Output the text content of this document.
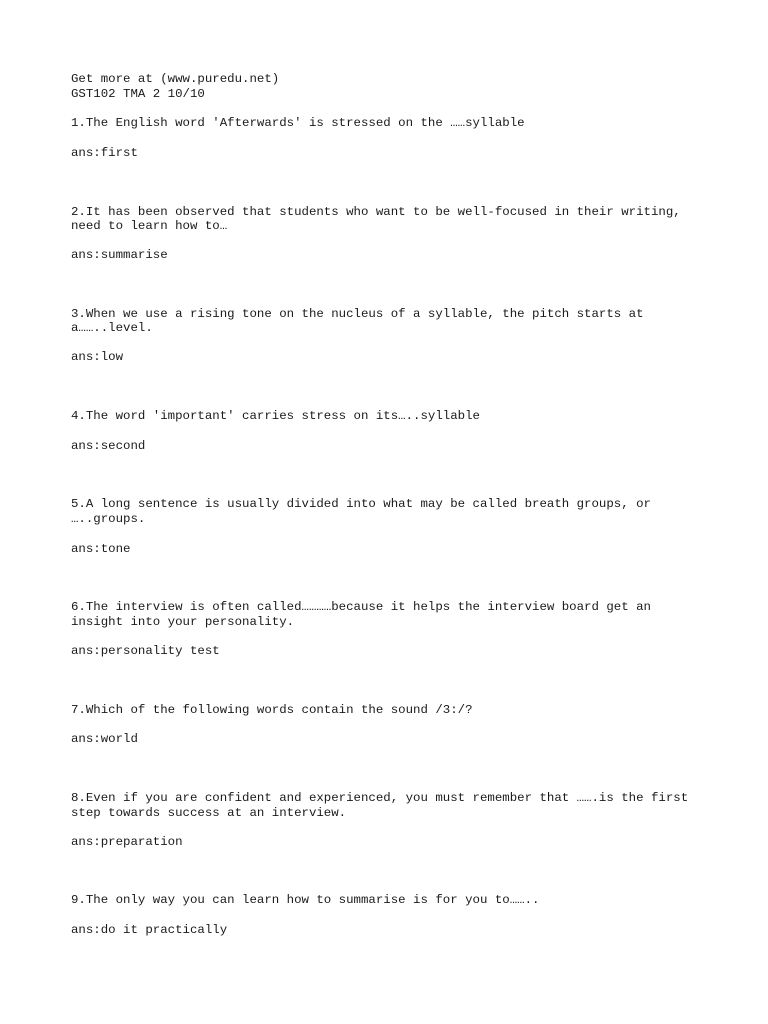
Get more at (www.puredu.net)

GST102 TMA 2 10/10

1.The English word 'Afterwards' is stressed on the ……syllable

ans:first

2.It has been observed that students who want to be well-focused in their writing,

need to learn how to…

ans:summarise

3.When we use a rising tone on the nucleus of a syllable, the pitch starts at

a……..level.

ans:low

4.The word 'important' carries stress on its…..syllable

ans:second

5.A long sentence is usually divided into what may be called breath groups, or

…..groups.

ans:tone

6.The interview is often called…………because it helps the interview board get an

insight into your personality.

ans:personality test

7.Which of the following words contain the sound /3:/?

ans:world

8.Even if you are confident and experienced, you must remember that …….is the first

step towards success at an interview.

ans:preparation

9.The only way you can learn how to summarise is for you to……..

ans:do it practically
